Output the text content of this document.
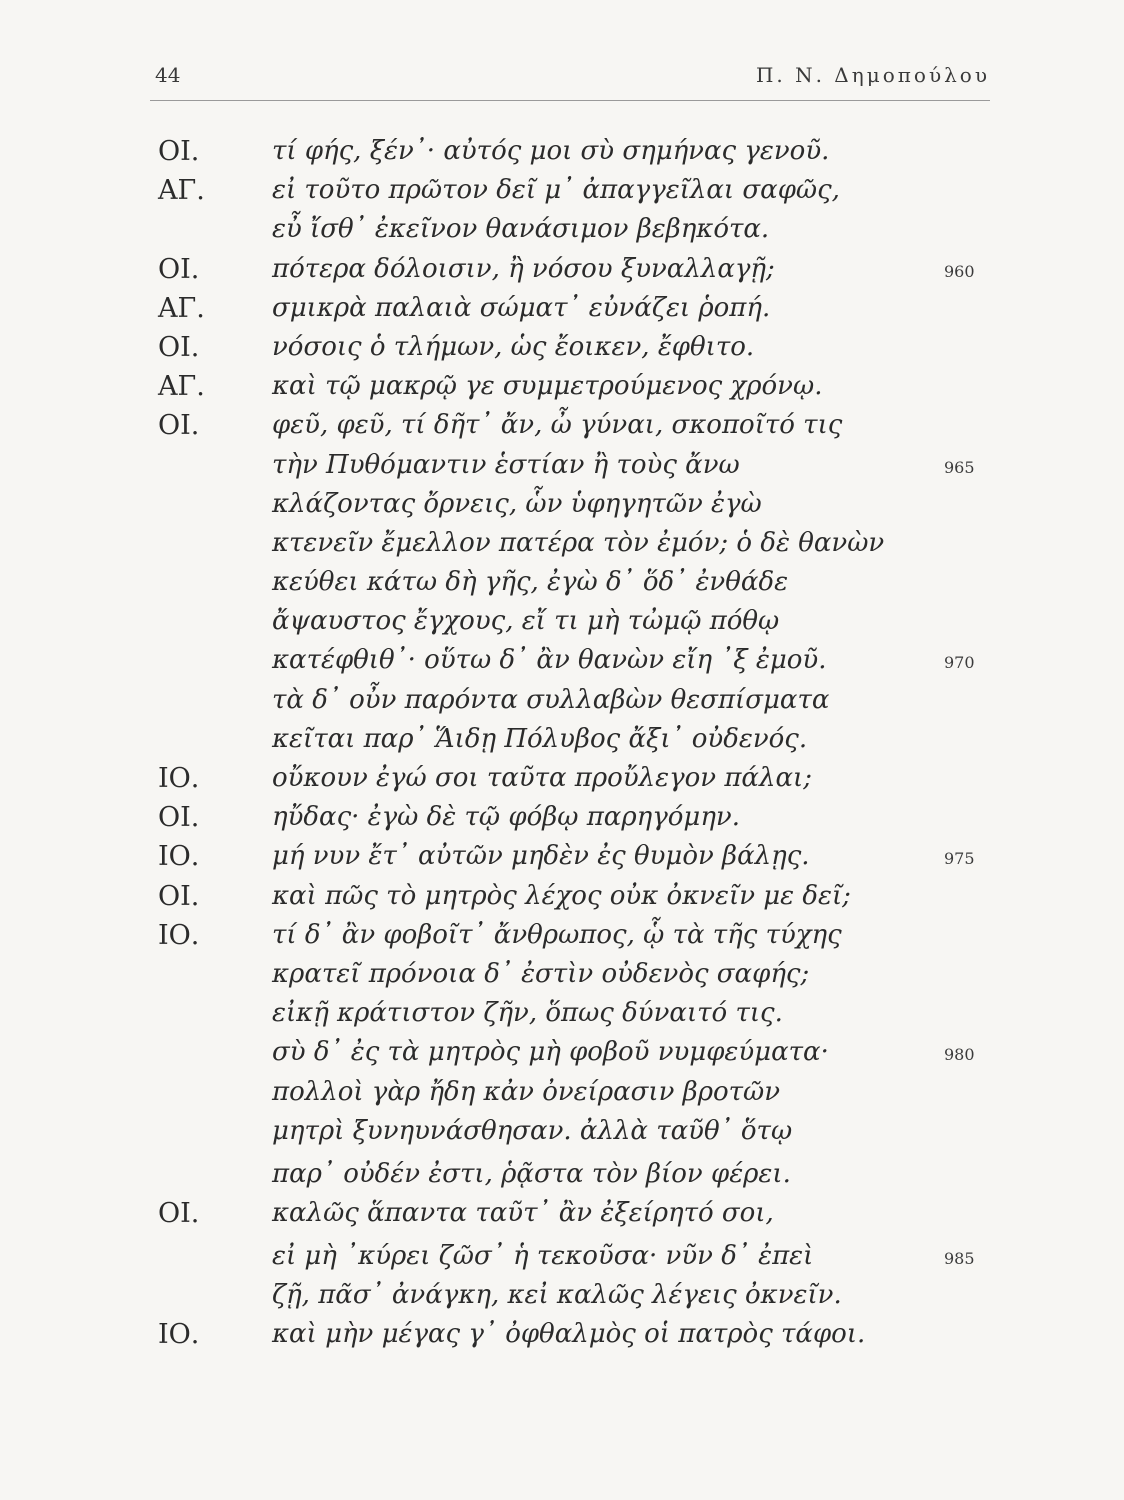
44	Π. Ν. Δημοπούλου
ΟΙ.	τί φής, ξέν᾽· αὐτός μοι σὺ σημήνας γενοῦ.
ΑΓ.	εἰ τοῦτο πρῶτον δεῖ μ᾽ ἀπαγγεῖλαι σαφῶς,
εὖ ἴσθ᾽ ἐκεῖνον θανάσιμον βεβηκότα.
ΟΙ.	πότερα δόλοισιν, ἢ νόσου ξυναλλαγῇ;	960
ΑΓ.	σμικρὰ παλαιὰ σώματ᾽ εὐνάζει ῥοπή.
ΟΙ.	νόσοις ὁ τλήμων, ὡς ἔοικεν, ἔφθιτο.
ΑΓ.	καὶ τῷ μακρῷ γε συμμετρούμενος χρόνῳ.
ΟΙ.	φεῦ, φεῦ, τί δῆτ᾽ ἄν, ὦ γύναι, σκοποῖτό τις
τὴν Πυθόμαντιν ἑστίαν ἢ τοὺς ἄνω	965
κλάζοντας ὄρνεις, ὧν ὑφηγητῶν ἐγὼ
κτενεῖν ἔμελλον πατέρα τὸν ἐμόν; ὁ δὲ θανὼν
κεύθει κάτω δὴ γῆς, ἐγὼ δ᾽ ὅδ᾽ ἐνθάδε
ἄψαυστος ἔγχους, εἴ τι μὴ τὠμῷ πόθῳ
κατέφθιθ᾽· οὕτω δ᾽ ἂν θανὼν εἴη ᾽ξ ἐμοῦ.	970
τὰ δ᾽ οὖν παρόντα συλλαβὼν θεσπίσματα
κεῖται παρ᾽ Ἅιδῃ Πόλυβος ἄξι᾽ οὐδενός.
ΙΟ.	οὔκουν ἐγώ σοι ταῦτα προὔλεγον πάλαι;
ΟΙ.	ηὔδας· ἐγὼ δὲ τῷ φόβῳ παρηγόμην.
ΙΟ.	μή νυν ἔτ᾽ αὐτῶν μηδὲν ἐς θυμὸν βάλῃς.	975
ΟΙ.	καὶ πῶς τὸ μητρὸς λέχος οὐκ ὀκνεῖν με δεῖ;
ΙΟ.	τί δ᾽ ἂν φοβοῖτ᾽ ἄνθρωπος, ᾧ τὰ τῆς τύχης
κρατεῖ πρόνοια δ᾽ ἐστὶν οὐδενὸς σαφής;
εἰκῇ κράτιστον ζῆν, ὅπως δύναιτό τις.
σὺ δ᾽ ἐς τὰ μητρὸς μὴ φοβοῦ νυμφεύματα·	980
πολλοὶ γὰρ ἤδη κἀν ὀνείρασιν βροτῶν
μητρὶ ξυνηυνάσθησαν. ἀλλὰ ταῦθ᾽ ὅτῳ
παρ᾽ οὐδέν ἐστι, ῥᾷστα τὸν βίον φέρει.
ΟΙ.	καλῶς ἅπαντα ταῦτ᾽ ἂν ἐξείρητό σοι,
εἰ μὴ ᾽κύρει ζῶσ᾽ ἡ τεκοῦσα· νῦν δ᾽ ἐπεὶ	985
ζῇ, πᾶσ᾽ ἀνάγκη, κεἰ καλῶς λέγεις ὀκνεῖν.
ΙΟ.	καὶ μὴν μέγας γ᾽ ὀφθαλμὸς οἱ πατρὸς τάφοι.
